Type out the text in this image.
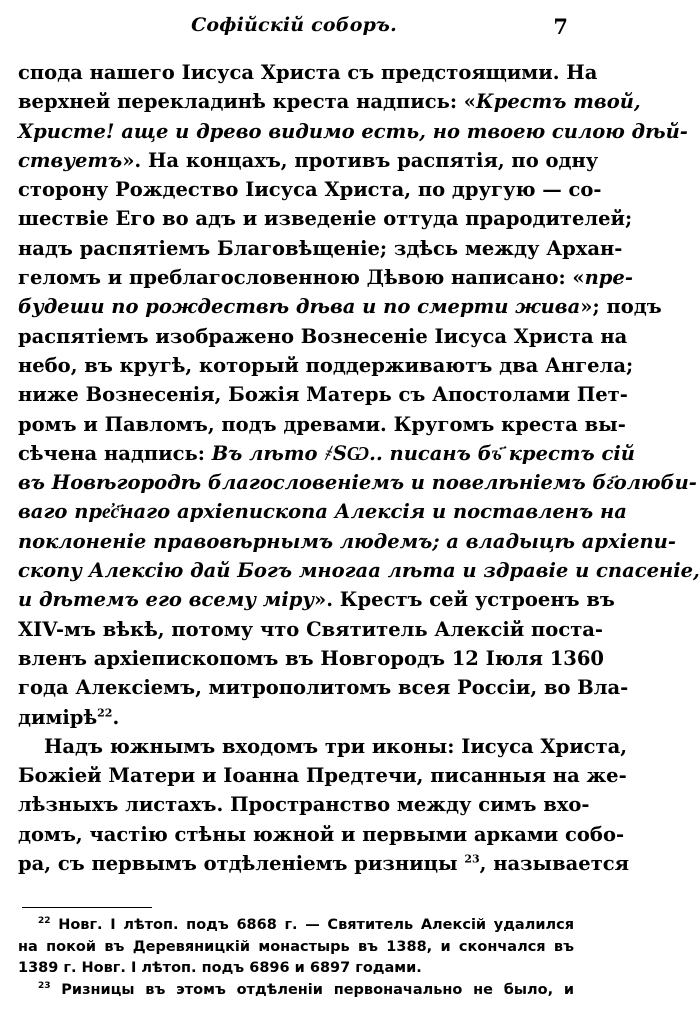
Софійскій соборъ.	7
спода нашего Іисуса Христа съ предстоящими. На
верхней перекладинѣ креста надпись: «Крестъ твой,
Христе! аще и древо видимо есть, но твоею силою дѣй-
ствуетъ». На концахъ, противъ распятія, по одну
сторону Рождество Іисуса Христа, по другую — со-
шествіе Его во адъ и изведеніе оттуда прародителей;
надъ распятіемъ Благовѣщеніе; здѣсь между Архан-
геломъ и преблагословенною Дѣвою написано: «пре-
будеши по рождествѣ дѣва и по смерти жива»; подъ
распятіемъ изображено Вознесеніе Іисуса Христа на
небо, въ кругѣ, который поддерживаютъ два Ангела;
ниже Вознесенія, Божія Матерь съ Апостолами Пет-
ромъ и Павломъ, подъ древами. Кругомъ креста вы-
сѣчена надпись: Въ лѣто ҂ЅѠ.. писанъ бъ҃ крестъ сій
въ Новѣгородѣ благословеніемъ и повелѣніемъ бг҃олюби-
ваго пре҆с҃наго архіепископа Алексія и поставленъ на
поклоненіе правовѣрнымъ людемъ; а владыцѣ архіепи-
скопу Алексію дай Богъ многаа лѣта и здравіе и спасеніе,
и дѣтемъ его всему міру». Крестъ сей устроенъ въ
XIV-мъ вѣкѣ, потому что Святитель Алексій поста-
вленъ архіепископомъ въ Новгородъ 12 Іюля 1360
года Алексіемъ, митрополитомъ всея Россіи, во Вла-
димірѣ$^{22}$.
Надъ южнымъ входомъ три иконы: Іисуса Христа,
Божіей Матери и Іоанна Предтечи, писанныя на же-
лѣзныхъ листахъ. Пространство между симъ вхо-
домъ, частію стѣны южной и первыми арками собо-
ра, съ первымъ отдѣленіемъ ризницы $^{23}$, называется
$^{22}$ Новг. I лѣтоп. подъ 6868 г. — Святитель Алексій удалился
на покой въ Деревяницкій монастырь въ 1388, и скончался въ
1389 г. Новг. I лѣтоп. подъ 6896 и 6897 годами.
$^{23}$ Ризницы въ этомъ отдѣленіи первоначально не было, и
